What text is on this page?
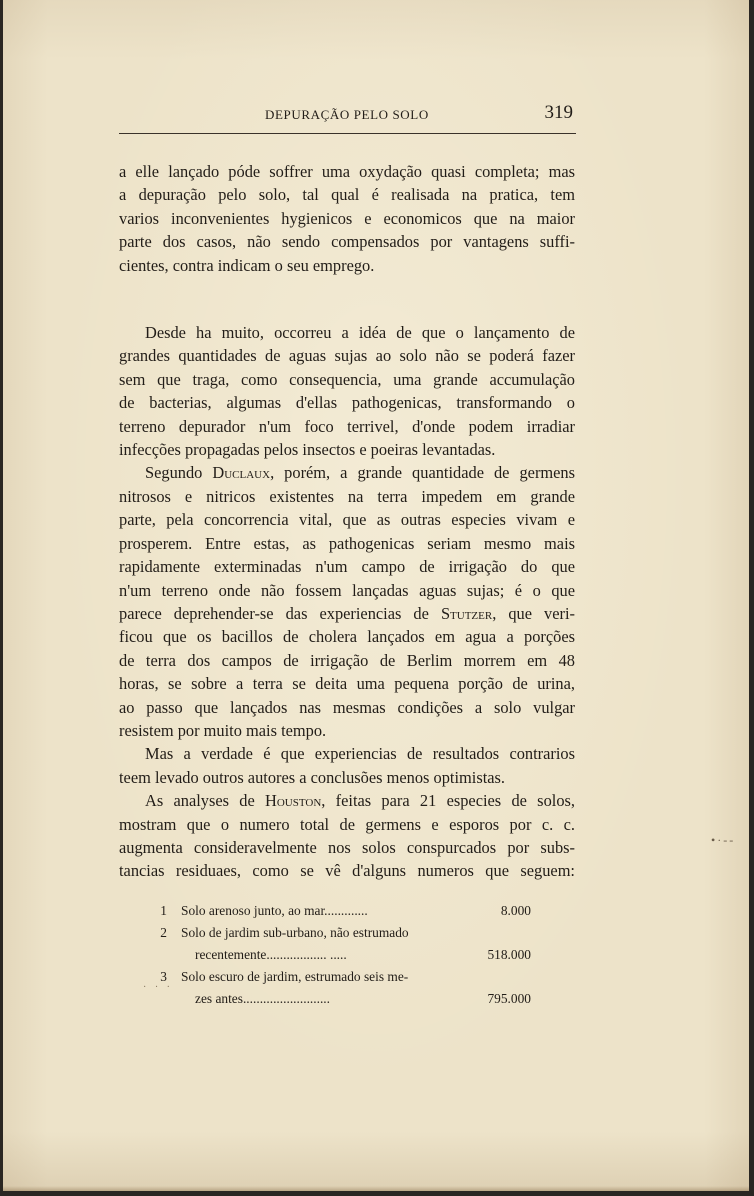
DEPURAÇÃO PELO SOLO	319
a elle lançado póde soffrer uma oxydação quasi completa; mas
a depuração pelo solo, tal qual é realisada na pratica, tem
varios inconvenientes hygienicos e economicos que na maior
parte dos casos, não sendo compensados por vantagens suffi-
cientes, contra indicam o seu emprego.
Desde ha muito, occorreu a idéa de que o lançamento de
grandes quantidades de aguas sujas ao solo não se poderá fazer
sem que traga, como consequencia, uma grande accumulação
de bacterias, algumas d'ellas pathogenicas, transformando o
terreno depurador n'um foco terrivel, d'onde podem irradiar
infecções propagadas pelos insectos e poeiras levantadas.
Segundo Duclaux, porém, a grande quantidade de germens
nitrosos e nitricos existentes na terra impedem em grande
parte, pela concorrencia vital, que as outras especies vivam e
prosperem. Entre estas, as pathogenicas seriam mesmo mais
rapidamente exterminadas n'um campo de irrigação do que
n'um terreno onde não fossem lançadas aguas sujas; é o que
parece deprehender-se das experiencias de Stutzer, que veri-
ficou que os bacillos de cholera lançados em agua a porções
de terra dos campos de irrigação de Berlim morrem em 48
horas, se sobre a terra se deita uma pequena porção de urina,
ao passo que lançados nas mesmas condições a solo vulgar
resistem por muito mais tempo.
Mas a verdade é que experiencias de resultados contrarios
teem levado outros autores a conclusões menos optimistas.
As analyses de Houston, feitas para 21 especies de solos,
mostram que o numero total de germens e esporos por c. c.
augmenta consideravelmente nos solos conspurcados por subs-
tancias residuaes, como se vê d'alguns numeros que seguem:
1 Solo arenoso junto, ao mar.............	8.000
2 Solo de jardim sub-urbano, não estrumado
recentemente.................. .....	518.000
3 Solo escuro de jardim, estrumado seis me-
zes antes..........................	795.000
•·‐-
· · ·
